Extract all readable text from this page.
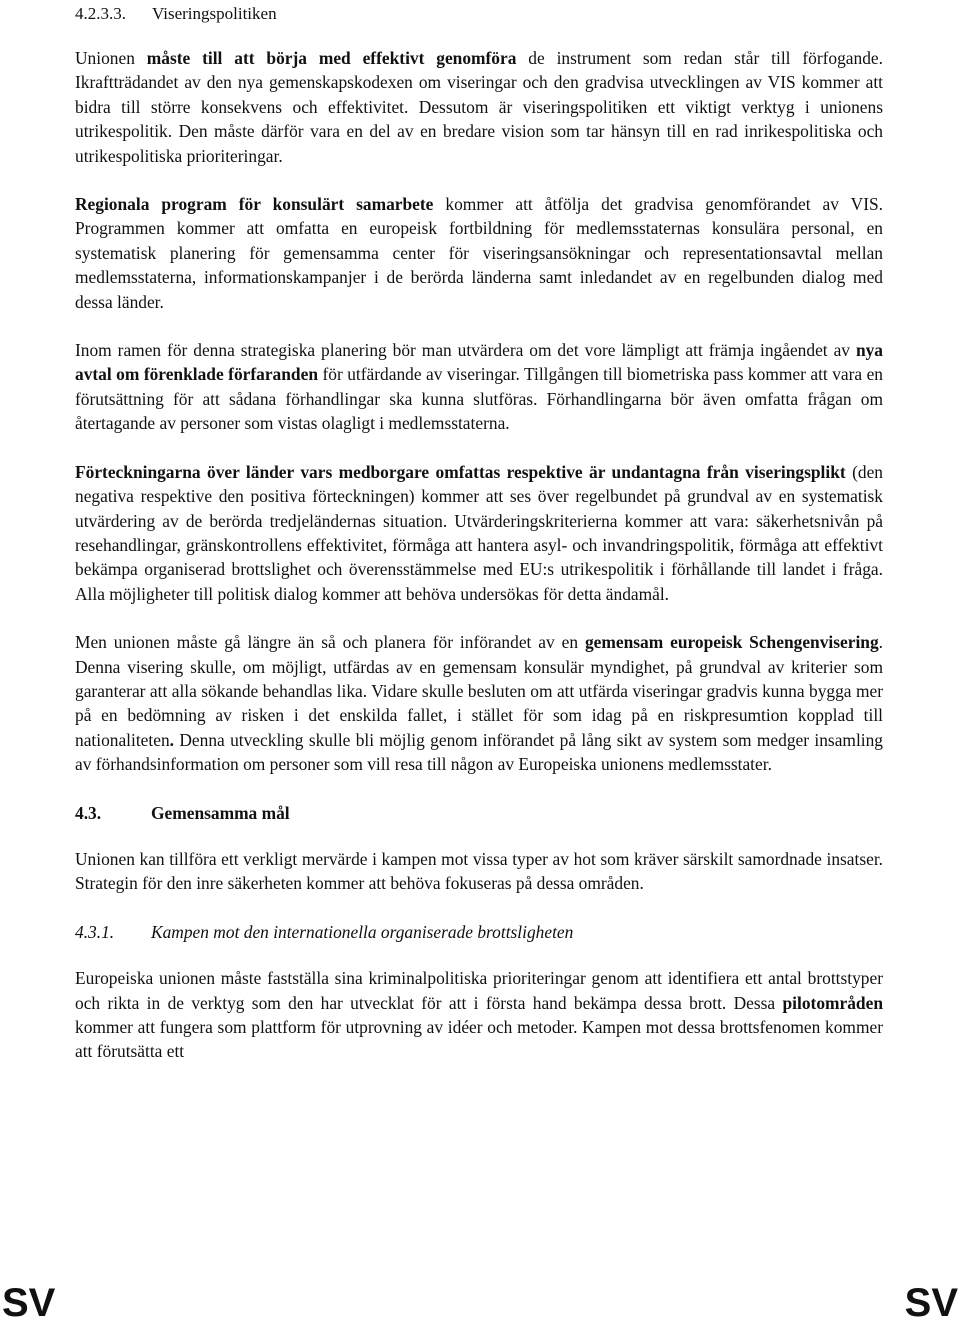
4.2.3.3. Viseringspolitiken

Unionen måste till att börja med effektivt genomföra de instrument som redan står till förfogande. Ikraftträdandet av den nya gemenskapskodexen om viseringar och den gradvisa utvecklingen av VIS kommer att bidra till större konsekvens och effektivitet. Dessutom är viseringspolitiken ett viktigt verktyg i unionens utrikespolitik. Den måste därför vara en del av en bredare vision som tar hänsyn till en rad inrikespolitiska och utrikespolitiska prioriteringar.

Regionala program för konsulärt samarbete kommer att åtfölja det gradvisa genomförandet av VIS. Programmen kommer att omfatta en europeisk fortbildning för medlemsstaternas konsulära personal, en systematisk planering för gemensamma center för viseringsansökningar och representationsavtal mellan medlemsstaterna, informationskampanjer i de berörda länderna samt inledandet av en regelbunden dialog med dessa länder.

Inom ramen för denna strategiska planering bör man utvärdera om det vore lämpligt att främja ingåendet av nya avtal om förenklade förfaranden för utfärdande av viseringar. Tillgången till biometriska pass kommer att vara en förutsättning för att sådana förhandlingar ska kunna slutföras. Förhandlingarna bör även omfatta frågan om återtagande av personer som vistas olagligt i medlemsstaterna.

Förteckningarna över länder vars medborgare omfattas respektive är undantagna från viseringsplikt (den negativa respektive den positiva förteckningen) kommer att ses över regelbundet på grundval av en systematisk utvärdering av de berörda tredjeländernas situation. Utvärderingskriterierna kommer att vara: säkerhetsnivån på resehandlingar, gränskontrollens effektivitet, förmåga att hantera asyl- och invandringspolitik, förmåga att effektivt bekämpa organiserad brottslighet och överensstämmelse med EU:s utrikespolitik i förhållande till landet i fråga. Alla möjligheter till politisk dialog kommer att behöva undersökas för detta ändamål.

Men unionen måste gå längre än så och planera för införandet av en gemensam europeisk Schengenvisering. Denna visering skulle, om möjligt, utfärdas av en gemensam konsulär myndighet, på grundval av kriterier som garanterar att alla sökande behandlas lika. Vidare skulle besluten om att utfärda viseringar gradvis kunna bygga mer på en bedömning av risken i det enskilda fallet, i stället för som idag på en riskpresumtion kopplad till nationaliteten. Denna utveckling skulle bli möjlig genom införandet på lång sikt av system som medger insamling av förhandsinformation om personer som vill resa till någon av Europeiska unionens medlemsstater.

4.3.	Gemensamma mål

Unionen kan tillföra ett verkligt mervärde i kampen mot vissa typer av hot som kräver särskilt samordnade insatser. Strategin för den inre säkerheten kommer att behöva fokuseras på dessa områden.

4.3.1. Kampen mot den internationella organiserade brottsligheten

Europeiska unionen måste fastställa sina kriminalpolitiska prioriteringar genom att identifiera ett antal brottstyper och rikta in de verktyg som den har utvecklat för att i första hand bekämpa dessa brott. Dessa pilotområden kommer att fungera som plattform för utprovning av idéer och metoder. Kampen mot dessa brottsfenomen kommer att förutsätta ett

SV	SV
